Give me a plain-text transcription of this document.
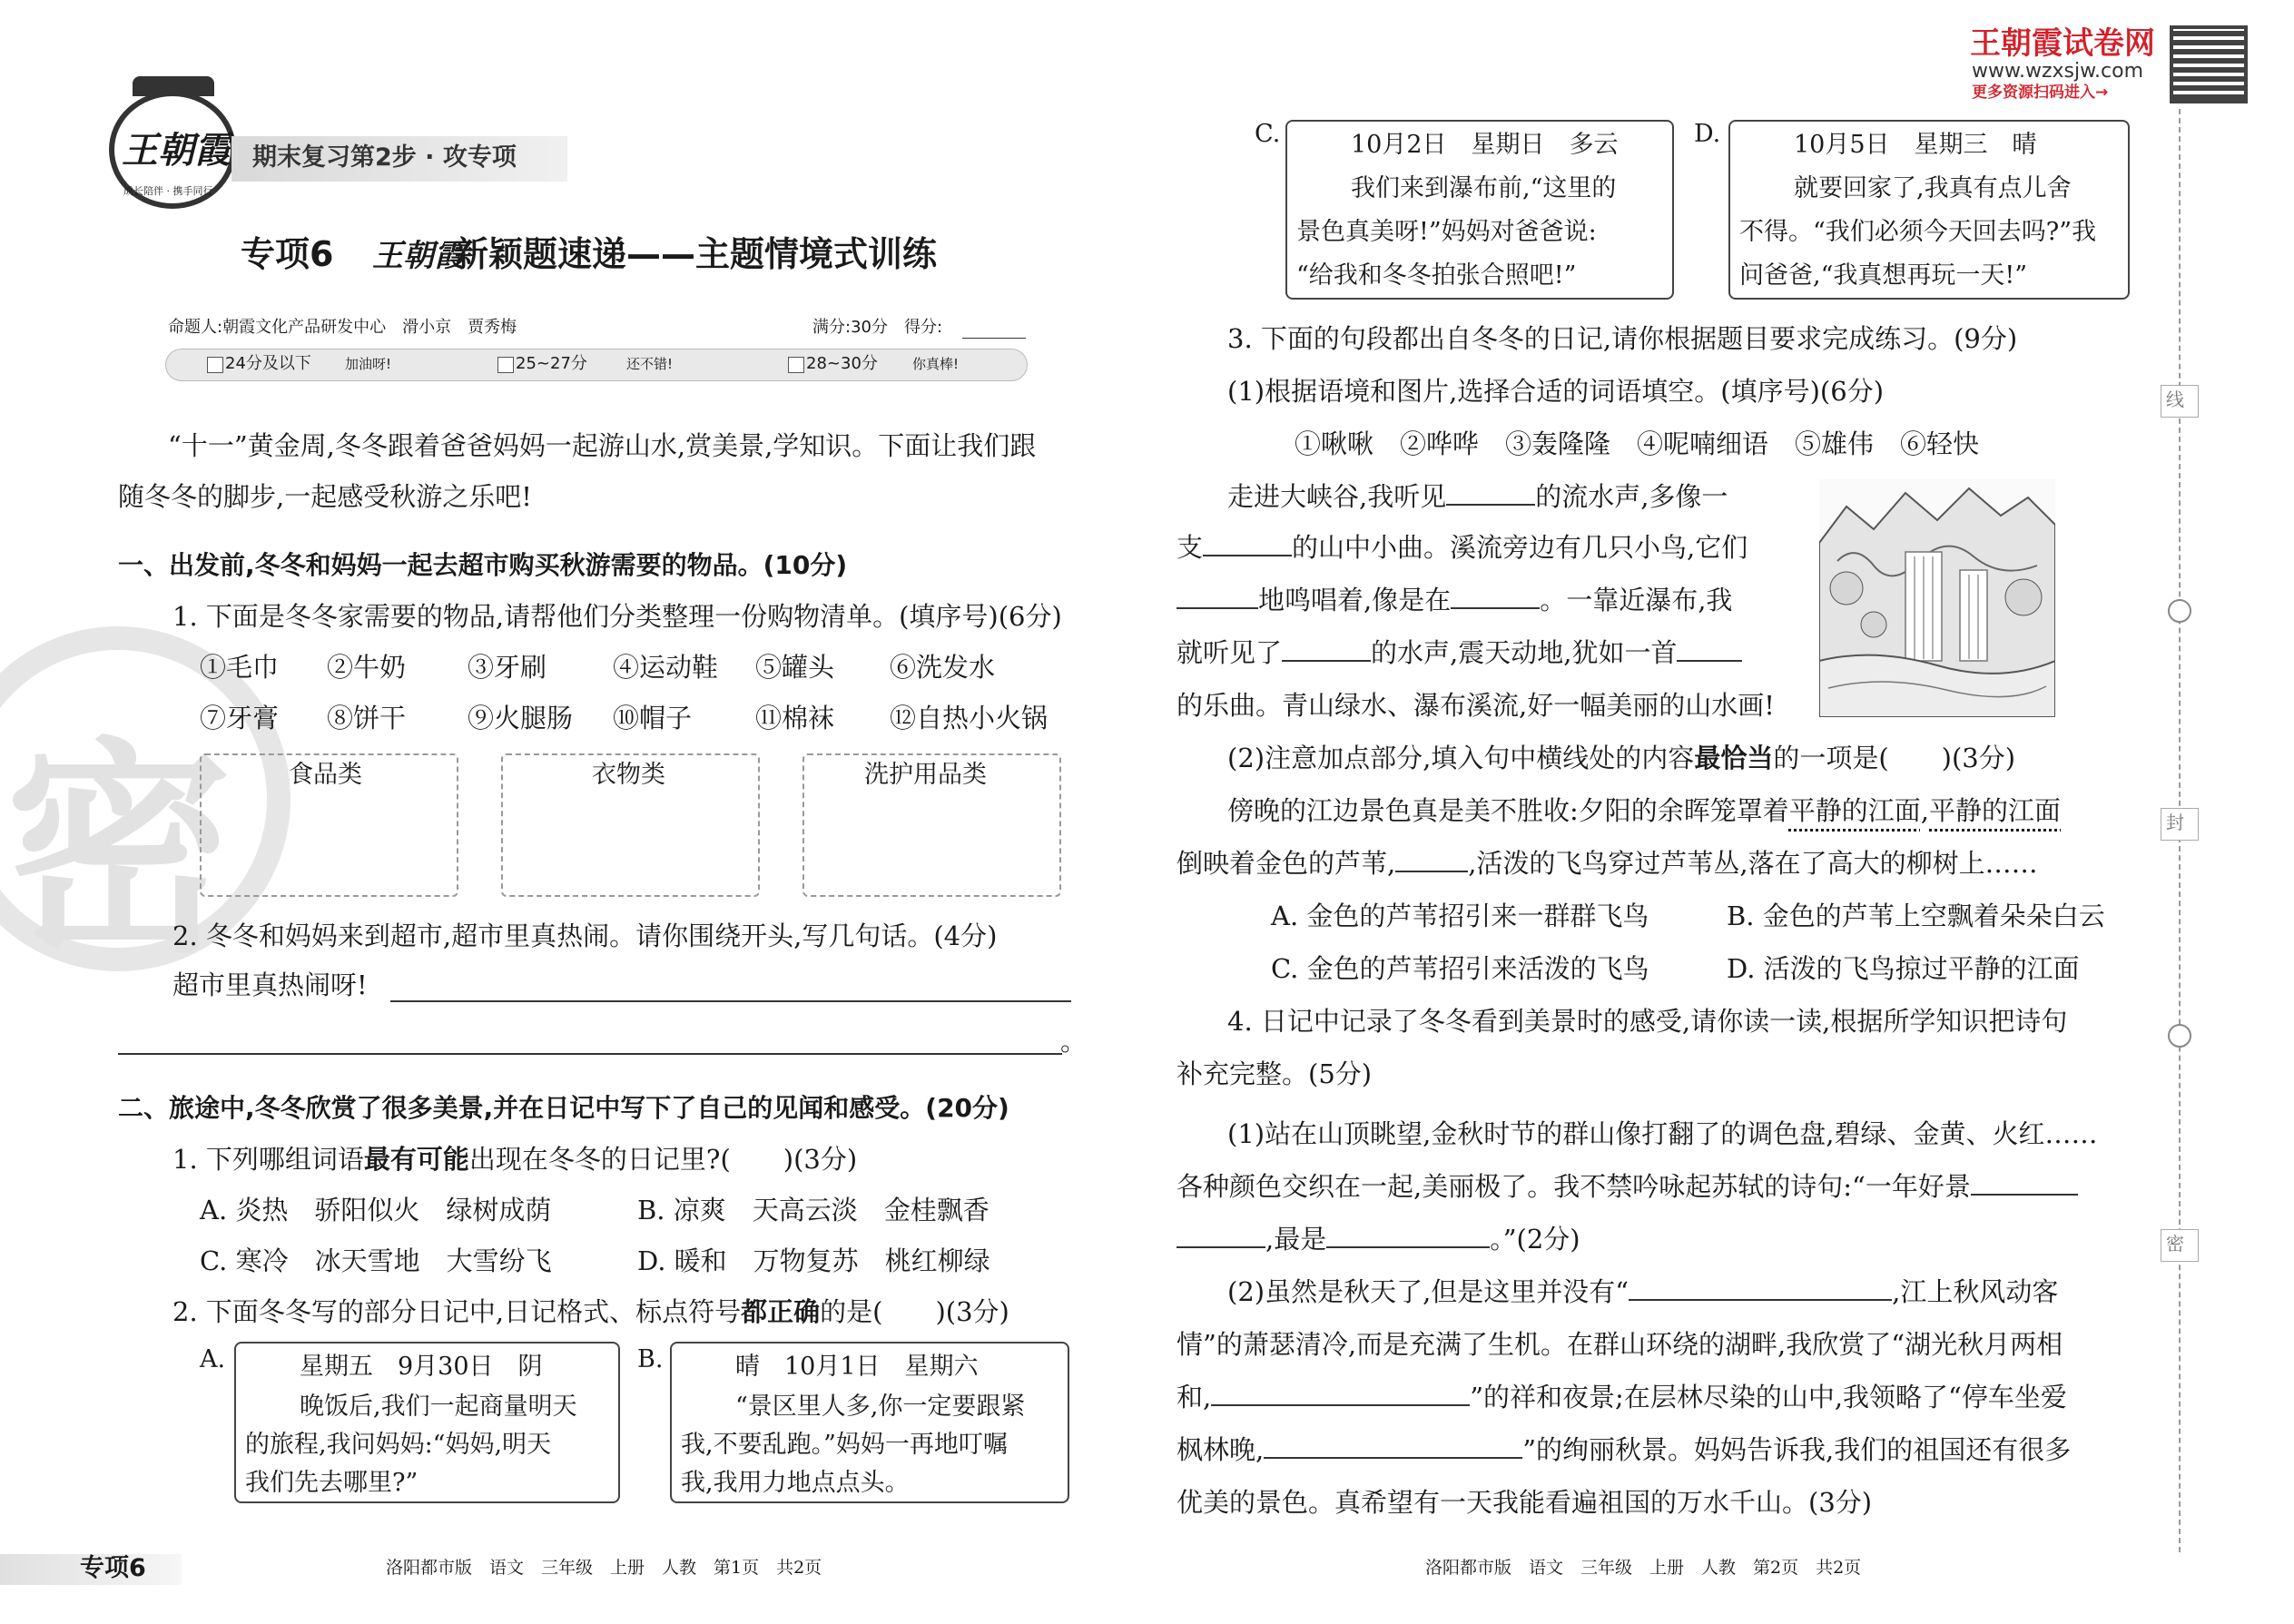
密
王朝霞
成长陪伴 · 携手同行
期末复习第2步 · 攻专项
专项6 王朝霞
新颖题速递——主题情境式训练
命题人:朝霞文化产品研发中心　滑小京　贾秀梅	满分:30分　得分:
24分及以下 加油呀!	25~27分	还不错!	28~30分	你真棒!
“十一”黄金周,冬冬跟着爸爸妈妈一起游山水,赏美景,学知识。下面让我们跟
随冬冬的脚步,一起感受秋游之乐吧!
一、出发前,冬冬和妈妈一起去超市购买秋游需要的物品。(10分)
1. 下面是冬冬家需要的物品,请帮他们分类整理一份购物清单。(填序号)(6分)
①毛巾 ②牛奶 ③牙刷	④运动鞋 ⑤罐头 ⑥洗发水
⑦牙膏 ⑧饼干 ⑨火腿肠 ⑩帽子 ⑪棉袜 ⑫自热小火锅
食品类	衣物类	洗护用品类
2. 冬冬和妈妈来到超市,超市里真热闹。请你围绕开头,写几句话。(4分)
超市里真热闹呀!
。
二、旅途中,冬冬欣赏了很多美景,并在日记中写下了自己的见闻和感受。(20分)
1. 下列哪组词语最有可能出现在冬冬的日记里?(　　)(3分)
A. 炎热　骄阳似火　绿树成荫	B. 凉爽　天高云淡　金桂飘香
C. 寒冷　冰天雪地　大雪纷飞	D. 暖和　万物复苏　桃红柳绿
2. 下面冬冬写的部分日记中,日记格式、标点符号都正确的是(　　)(3分)
A.	星期五　9月30日　阴
晚饭后,我们一起商量明天
的旅程,我问妈妈:“妈妈,明天
我们先去哪里?”
B.	晴　10月1日　星期六
“景区里人多,你一定要跟紧
我,不要乱跑。”妈妈一再地叮嘱
我,我用力地点点头。
专项6	洛阳都市版　语文　三年级　上册　人教　第1页　共2页
王朝霞试卷网
www.wzxsjw.com
更多资源扫码进入→
C.	10月2日　星期日　多云
我们来到瀑布前,“这里的
景色真美呀!”妈妈对爸爸说:
“给我和冬冬拍张合照吧!”
D.	10月5日　星期三　晴
就要回家了,我真有点儿舍
不得。“我们必须今天回去吗?”我
问爸爸,“我真想再玩一天!”
3. 下面的句段都出自冬冬的日记,请你根据题目要求完成练习。(9分)
(1)根据语境和图片,选择合适的词语填空。(填序号)(6分)
①啾啾　②哗哗　③轰隆隆　④呢喃细语　⑤雄伟　⑥轻快
走进大峡谷,我听见	的流水声,多像一
支	的山中小曲。溪流旁边有几只小鸟,它们
地鸣唱着,像是在	。一靠近瀑布,我
就听见了	的水声,震天动地,犹如一首
的乐曲。青山绿水、瀑布溪流,好一幅美丽的山水画!
(2)注意加点部分,填入句中横线处的内容最恰当的一项是(　　)(3分)
傍晚的江边景色真是美不胜收:夕阳的余晖笼罩着平静的江面,平静的江面
倒映着金色的芦苇,	,活泼的飞鸟穿过芦苇丛,落在了高大的柳树上……
A. 金色的芦苇招引来一群群飞鸟	B. 金色的芦苇上空飘着朵朵白云
C. 金色的芦苇招引来活泼的飞鸟	D. 活泼的飞鸟掠过平静的江面
4. 日记中记录了冬冬看到美景时的感受,请你读一读,根据所学知识把诗句
补充完整。(5分)
(1)站在山顶眺望,金秋时节的群山像打翻了的调色盘,碧绿、金黄、火红……
各种颜色交织在一起,美丽极了。我不禁吟咏起苏轼的诗句:“一年好景
,最是	。”(2分)
(2)虽然是秋天了,但是这里并没有“	,江上秋风动客
情”的萧瑟清冷,而是充满了生机。在群山环绕的湖畔,我欣赏了“湖光秋月两相
和,	”的祥和夜景;在层林尽染的山中,我领略了“停车坐爱
枫林晚,	”的绚丽秋景。妈妈告诉我,我们的祖国还有很多
优美的景色。真希望有一天我能看遍祖国的万水千山。(3分)
线
封
密
洛阳都市版　语文　三年级　上册　人教　第2页　共2页
